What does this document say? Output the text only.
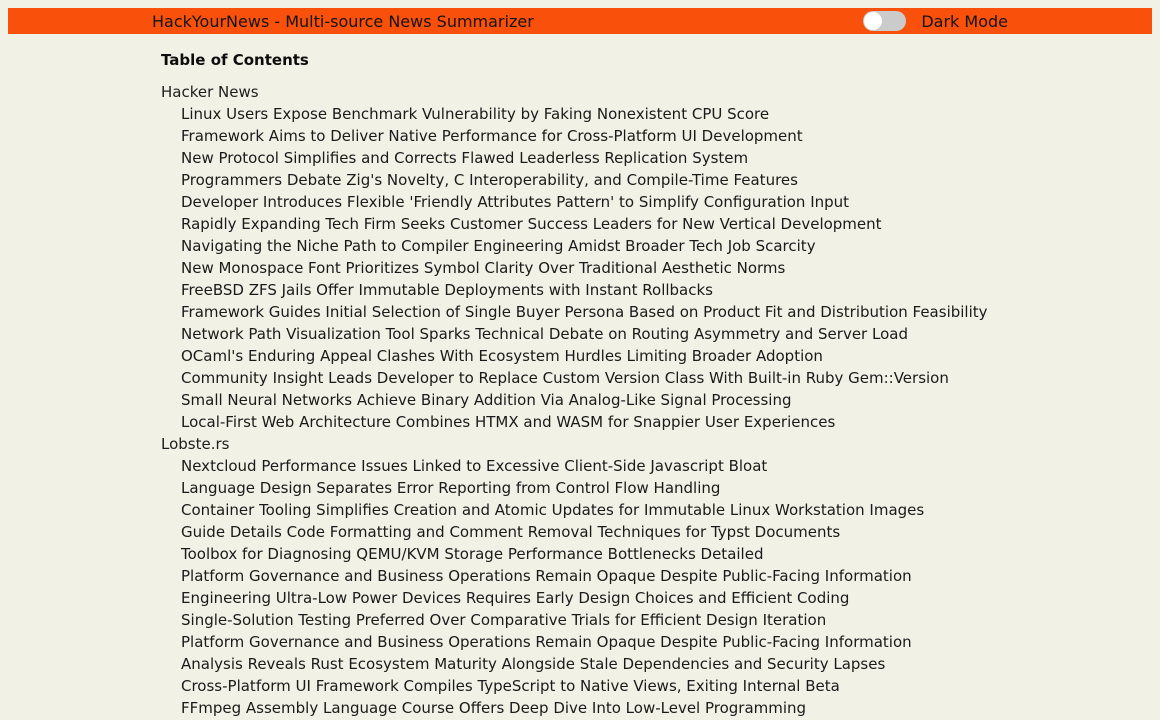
HackYourNews - Multi-source News Summarizer	Dark Mode
Table of Contents
Hacker News
Linux Users Expose Benchmark Vulnerability by Faking Nonexistent CPU Score
Framework Aims to Deliver Native Performance for Cross-Platform UI Development
New Protocol Simplifies and Corrects Flawed Leaderless Replication System
Programmers Debate Zig's Novelty, C Interoperability, and Compile-Time Features
Developer Introduces Flexible 'Friendly Attributes Pattern' to Simplify Configuration Input
Rapidly Expanding Tech Firm Seeks Customer Success Leaders for New Vertical Development
Navigating the Niche Path to Compiler Engineering Amidst Broader Tech Job Scarcity
New Monospace Font Prioritizes Symbol Clarity Over Traditional Aesthetic Norms
FreeBSD ZFS Jails Offer Immutable Deployments with Instant Rollbacks
Framework Guides Initial Selection of Single Buyer Persona Based on Product Fit and Distribution Feasibility
Network Path Visualization Tool Sparks Technical Debate on Routing Asymmetry and Server Load
OCaml's Enduring Appeal Clashes With Ecosystem Hurdles Limiting Broader Adoption
Community Insight Leads Developer to Replace Custom Version Class With Built-in Ruby Gem::Version
Small Neural Networks Achieve Binary Addition Via Analog-Like Signal Processing
Local-First Web Architecture Combines HTMX and WASM for Snappier User Experiences
Lobste.rs
Nextcloud Performance Issues Linked to Excessive Client-Side Javascript Bloat
Language Design Separates Error Reporting from Control Flow Handling
Container Tooling Simplifies Creation and Atomic Updates for Immutable Linux Workstation Images
Guide Details Code Formatting and Comment Removal Techniques for Typst Documents
Toolbox for Diagnosing QEMU/KVM Storage Performance Bottlenecks Detailed
Platform Governance and Business Operations Remain Opaque Despite Public-Facing Information
Engineering Ultra-Low Power Devices Requires Early Design Choices and Efficient Coding
Single-Solution Testing Preferred Over Comparative Trials for Efficient Design Iteration
Platform Governance and Business Operations Remain Opaque Despite Public-Facing Information
Analysis Reveals Rust Ecosystem Maturity Alongside Stale Dependencies and Security Lapses
Cross-Platform UI Framework Compiles TypeScript to Native Views, Exiting Internal Beta
FFmpeg Assembly Language Course Offers Deep Dive Into Low-Level Programming
